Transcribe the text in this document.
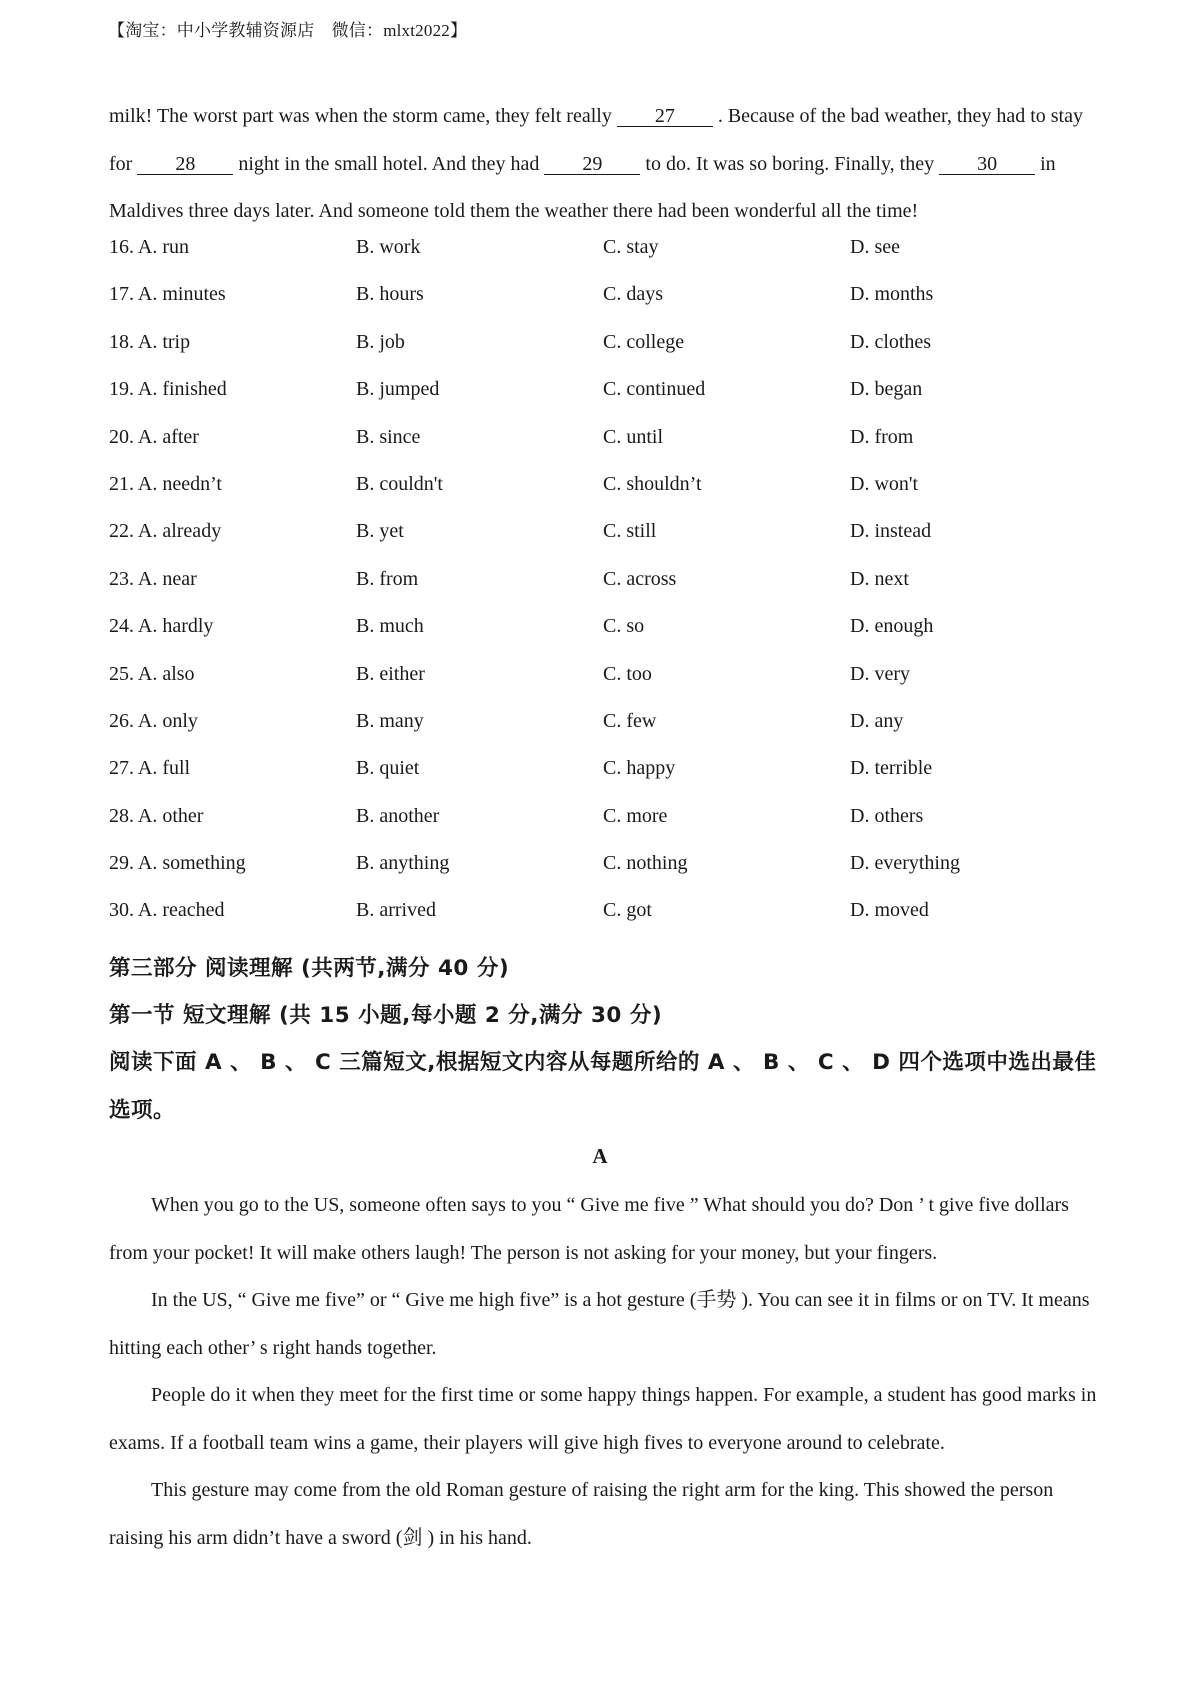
【淘宝：中小学教辅资源店　微信：mlxt2022】

milk! The worst part was when the storm came, they felt really 27 . Because of the bad weather, they had to stay for 28 night in the small hotel. And they had 29 to do. It was so boring. Finally, they 30 in Maldives three days later. And someone told them the weather there had been wonderful all the time!

16. A. run	B. work	C. stay	D. see
17. A. minutes	B. hours	C. days	D. months
18. A. trip	B. job	C. college	D. clothes
19. A. finished	B. jumped	C. continued	D. began
20. A. after	B. since	C. until	D. from
21. A. needn’t	B. couldn't	C. shouldn’t	D. won't
22. A. already	B. yet	C. still	D. instead
23. A. near	B. from	C. across	D. next
24. A. hardly	B. much	C. so	D. enough
25. A. also	B. either	C. too	D. very
26. A. only	B. many	C. few	D. any
27. A. full	B. quiet	C. happy	D. terrible
28. A. other	B. another	C. more	D. others
29. A. something	B. anything	C. nothing	D. everything
30. A. reached	B. arrived	C. got	D. moved

第三部分 阅读理解 (共两节,满分 40 分)

第一节 短文理解 (共 15 小题,每小题 2 分,满分 30 分)

阅读下面 A 、 B 、 C 三篇短文,根据短文内容从每题所给的 A 、 B 、 C 、 D 四个选项中选出最佳选项。

A

When you go to the US, someone often says to you “ Give me five ” What should you do? Don ’ t give five dollars from your pocket! It will make others laugh! The person is not asking for your money, but your fingers.

In the US, “ Give me five” or “ Give me high five” is a hot gesture (手势 ). You can see it in films or on TV. It means hitting each other’ s right hands together.

People do it when they meet for the first time or some happy things happen. For example, a student has good marks in exams. If a football team wins a game, their players will give high fives to everyone around to celebrate.

This gesture may come from the old Roman gesture of raising the right arm for the king. This showed the person raising his arm didn’t have a sword (剑 ) in his hand.
